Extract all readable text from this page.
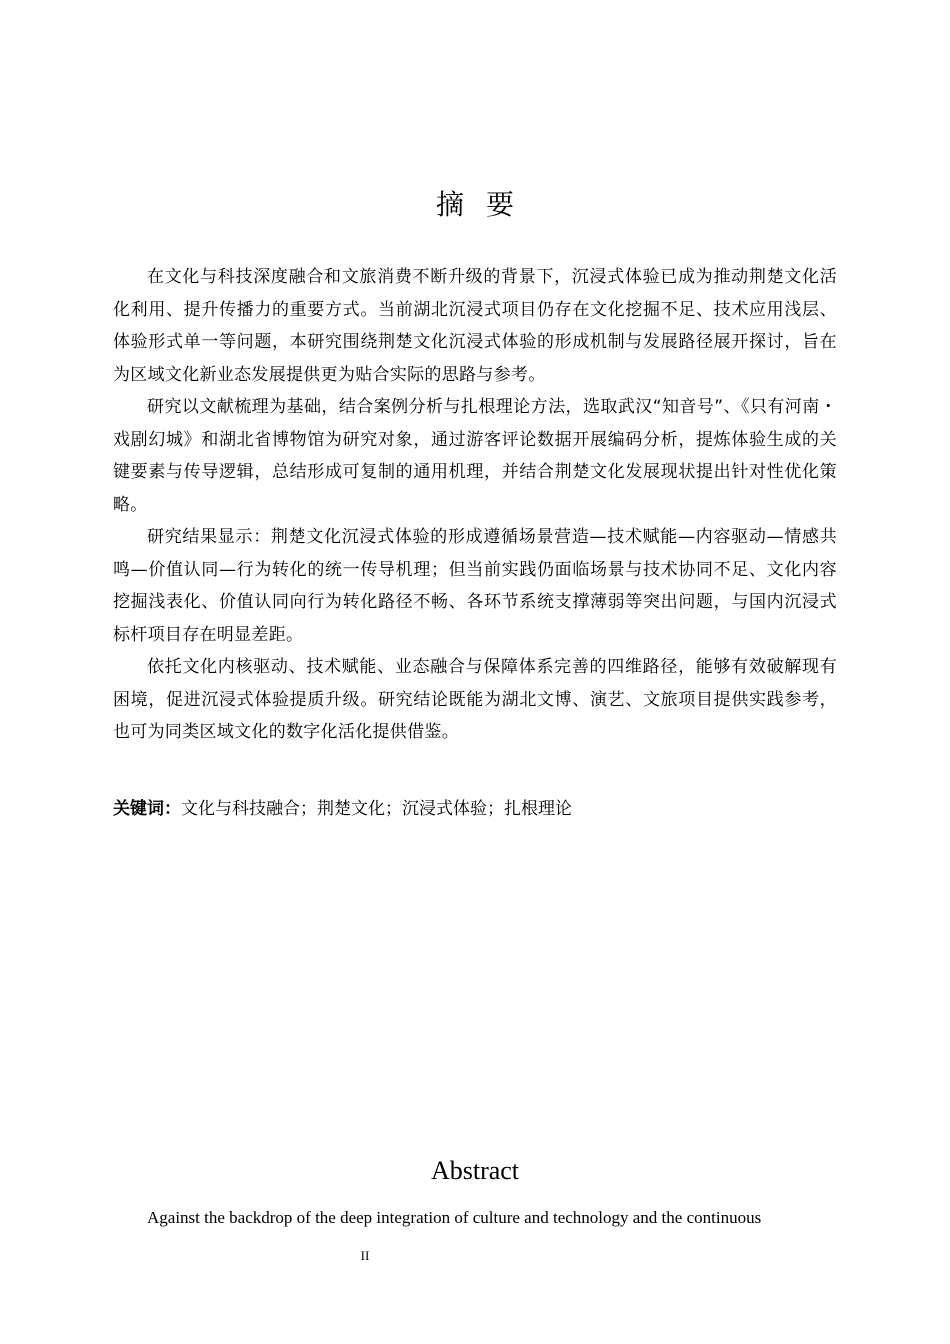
摘要

在文化与科技深度融合和文旅消费不断升级的背景下，沉浸式体验已成为推动荆楚文化活化利用、提升传播力的重要方式。当前湖北沉浸式项目仍存在文化挖掘不足、技术应用浅层、体验形式单一等问题，本研究围绕荆楚文化沉浸式体验的形成机制与发展路径展开探讨，旨在为区域文化新业态发展提供更为贴合实际的思路与参考。

研究以文献梳理为基础，结合案例分析与扎根理论方法，选取武汉“知音号”、《只有河南・戏剧幻城》和湖北省博物馆为研究对象，通过游客评论数据开展编码分析，提炼体验生成的关键要素与传导逻辑，总结形成可复制的通用机理，并结合荆楚文化发展现状提出针对性优化策略。

研究结果显示：荆楚文化沉浸式体验的形成遵循场景营造—技术赋能—内容驱动—情感共鸣—价值认同—行为转化的统一传导机理；但当前实践仍面临场景与技术协同不足、文化内容挖掘浅表化、价值认同向行为转化路径不畅、各环节系统支撑薄弱等突出问题，与国内沉浸式标杆项目存在明显差距。

依托文化内核驱动、技术赋能、业态融合与保障体系完善的四维路径，能够有效破解现有困境，促进沉浸式体验提质升级。研究结论既能为湖北文博、演艺、文旅项目提供实践参考，也可为同类区域文化的数字化活化提供借鉴。

关键词：文化与科技融合；荆楚文化；沉浸式体验；扎根理论
Abstract
Against the backdrop of the deep integration of culture and technology and the continuous
II
